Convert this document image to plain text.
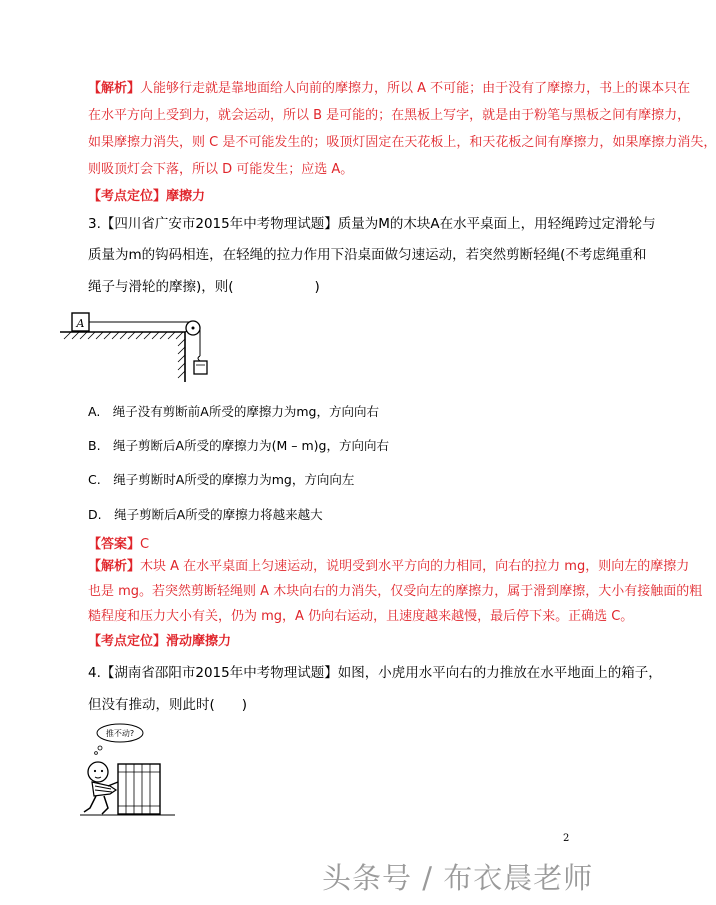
【解析】人能够行走就是靠地面给人向前的摩擦力，所以 A 不可能；由于没有了摩擦力，书上的课本只在
在水平方向上受到力，就会运动，所以 B 是可能的；在黑板上写字，就是由于粉笔与黑板之间有摩擦力，
如果摩擦力消失，则 C 是不可能发生的；吸顶灯固定在天花板上，和天花板之间有摩擦力，如果摩擦力消失，
则吸顶灯会下落，所以 D 可能发生；应选 A。
【考点定位】摩擦力
3.【四川省广安市2015年中考物理试题】质量为M的木块A在水平桌面上，用轻绳跨过定滑轮与
质量为m的钩码相连，在轻绳的拉力作用下沿桌面做匀速运动，若突然剪断轻绳(不考虑绳重和
绳子与滑轮的摩擦)，则(　　　　　　)
A
A.　绳子没有剪断前A所受的摩擦力为mg，方向向右
B.　绳子剪断后A所受的摩擦力为(M – m)g，方向向右
C.　绳子剪断时A所受的摩擦力为mg，方向向左
D.　绳子剪断后A所受的摩擦力将越来越大
【答案】C
【解析】木块 A 在水平桌面上匀速运动，说明受到水平方向的力相同，向右的拉力 mg，则向左的摩擦力
也是 mg。若突然剪断轻绳则 A 木块向右的力消失，仅受向左的摩擦力，属于滑到摩擦，大小有接触面的粗
糙程度和压力大小有关，仍为 mg，A 仍向右运动，且速度越来越慢，最后停下来。正确选 C。
【考点定位】滑动摩擦力
4.【湖南省邵阳市2015年中考物理试题】如图，小虎用水平向右的力推放在水平地面上的箱子，
但没有推动，则此时(　　)
推不动?
2
头条号 / 布衣晨老师
